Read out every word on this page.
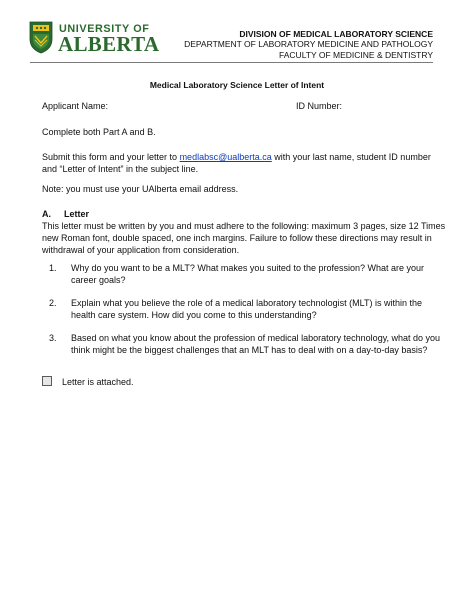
UNIVERSITY OF
ALBERTA	DIVISION OF MEDICAL LABORATORY SCIENCE
DEPARTMENT OF LABORATORY MEDICINE AND PATHOLOGY
FACULTY OF MEDICINE & DENTISTRY
Medical Laboratory Science Letter of Intent
Applicant Name:	ID Number:
Complete both Part A and B.
Submit this form and your letter to medlabsc@ualberta.ca with your last name, student ID number and “Letter of Intent” in the subject line.
Note: you must use your UAlberta email address.
A. Letter
This letter must be written by you and must adhere to the following: maximum 3 pages, size 12 Times new Roman font, double spaced, one inch margins. Failure to follow these directions may result in withdrawal of your application from consideration.
1. Why do you want to be a MLT? What makes you suited to the profession? What are your career goals?
2. Explain what you believe the role of a medical laboratory technologist (MLT) is within the health care system. How did you come to this understanding?
3. Based on what you know about the profession of medical laboratory technology, what do you think might be the biggest challenges that an MLT has to deal with on a day-to-day basis?
Letter is attached.
